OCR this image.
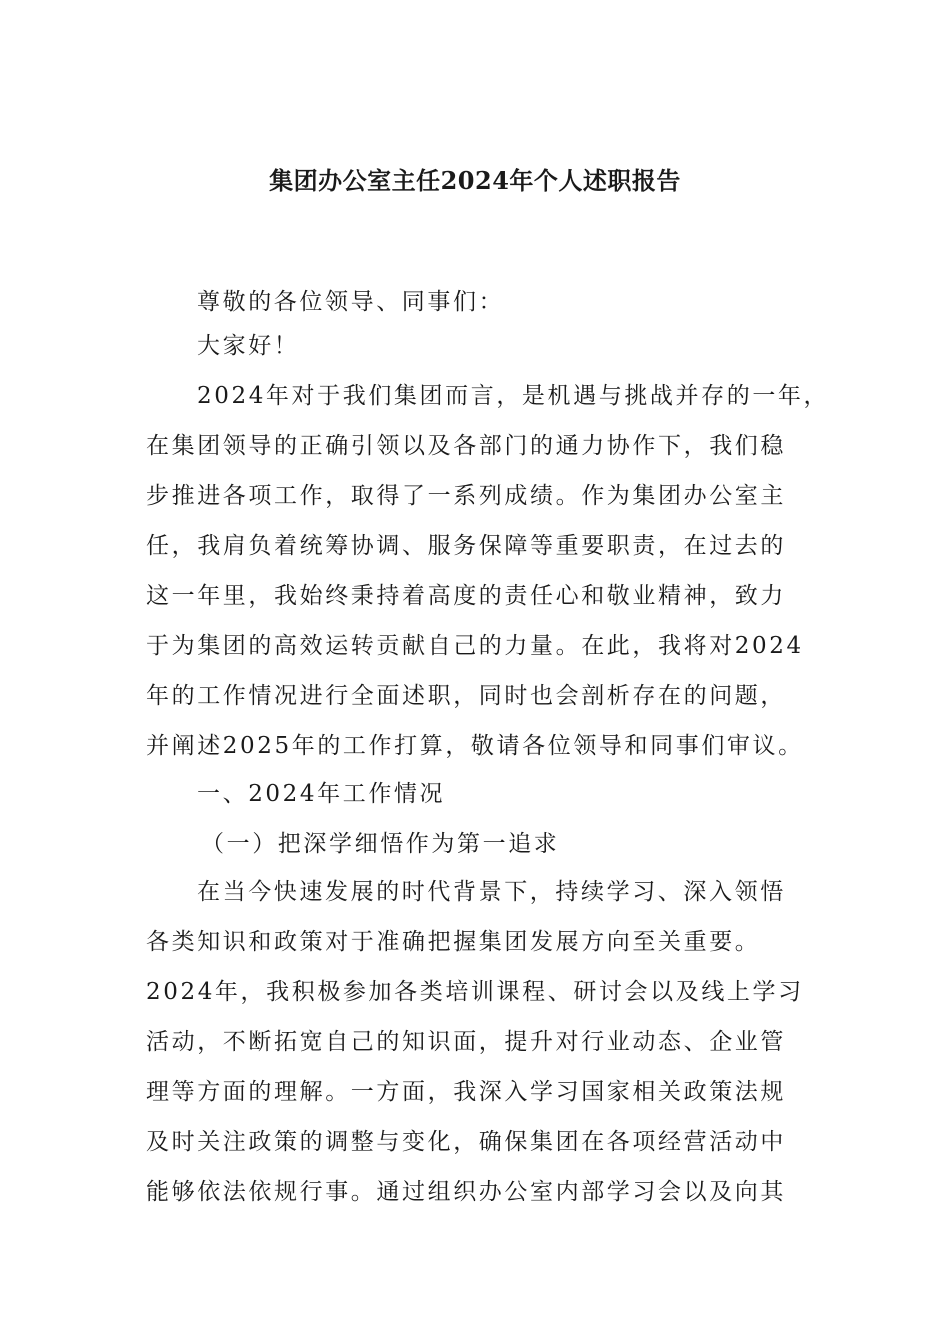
集团办公室主任2024年个人述职报告
尊敬的各位领导、同事们：
大家好！
2024年对于我们集团而言，是机遇与挑战并存的一年，
在集团领导的正确引领以及各部门的通力协作下，我们稳
步推进各项工作，取得了一系列成绩。作为集团办公室主
任，我肩负着统筹协调、服务保障等重要职责，在过去的
这一年里，我始终秉持着高度的责任心和敬业精神，致力
于为集团的高效运转贡献自己的力量。在此，我将对2024
年的工作情况进行全面述职，同时也会剖析存在的问题，
并阐述2025年的工作打算，敬请各位领导和同事们审议。
一、2024年工作情况
（一）把深学细悟作为第一追求
在当今快速发展的时代背景下，持续学习、深入领悟
各类知识和政策对于准确把握集团发展方向至关重要。
2024年，我积极参加各类培训课程、研讨会以及线上学习
活动，不断拓宽自己的知识面，提升对行业动态、企业管
理等方面的理解。一方面，我深入学习国家相关政策法规
及时关注政策的调整与变化，确保集团在各项经营活动中
能够依法依规行事。通过组织办公室内部学习会以及向其
